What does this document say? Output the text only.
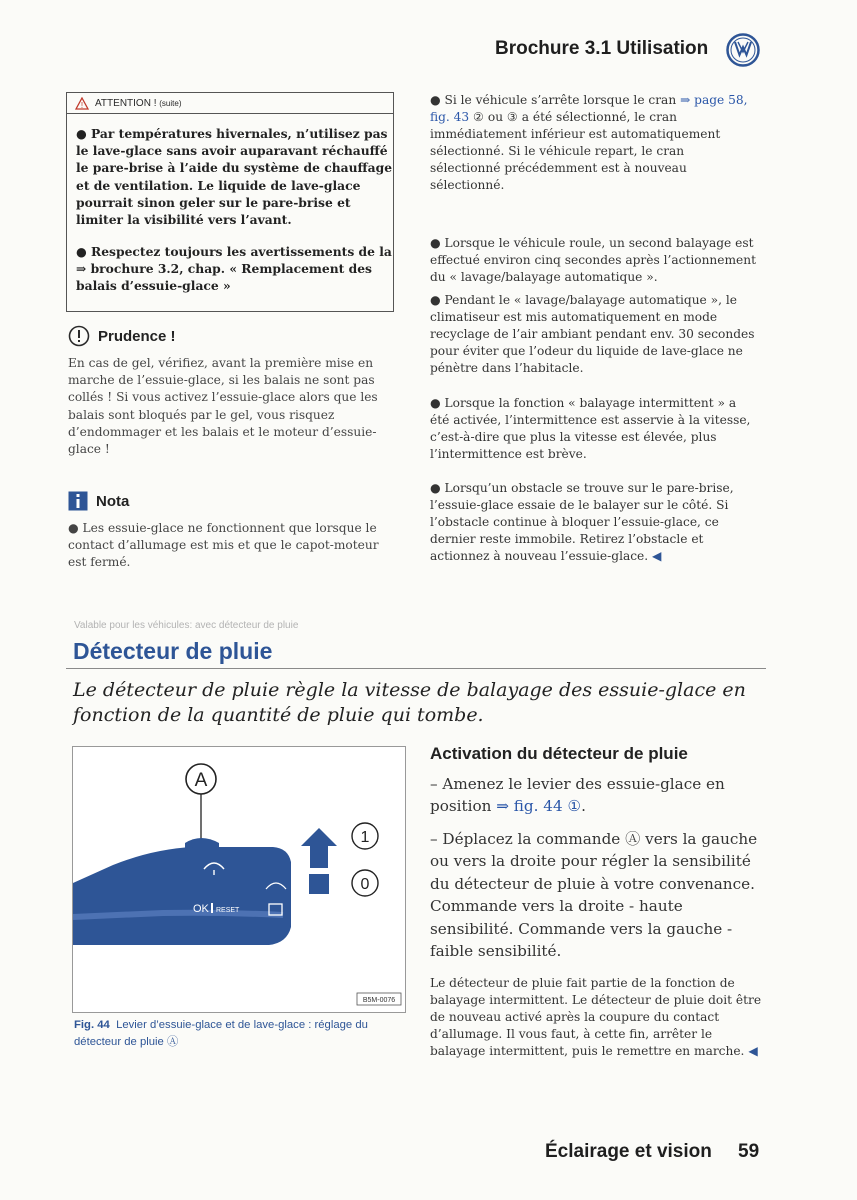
Brochure 3.1 Utilisation
! ATTENTION ! (suite)

● Par températures hivernales, n’utilisez pas le lave-glace sans avoir auparavant réchauffé le pare-brise à l’aide du système de chauffage et de ventilation. Le liquide de lave-glace pourrait sinon geler sur le pare-brise et limiter la visibilité vers l’avant.

● Respectez toujours les avertissements de la ⇒ brochure 3.2, chap. « Remplacement des balais d’essuie-glace »

Prudence !

En cas de gel, vérifiez, avant la première mise en marche de l’essuie-glace, si les balais ne sont pas collés ! Si vous activez l’essuie-glace alors que les balais sont bloqués par le gel, vous risquez d’endommager et les balais et le moteur d’essuie-glace !

Nota

● Les essuie-glace ne fonctionnent que lorsque le contact d’allumage est mis et que le capot-moteur est fermé.

● Si le véhicule s’arrête lorsque le cran ⇒ page 58, fig. 43 ② ou ③ a été sélectionné, le cran immédiatement inférieur est automatiquement sélectionné. Si le véhicule repart, le cran sélectionné précédemment est à nouveau sélectionné.

● Lorsque le véhicule roule, un second balayage est effectué environ cinq secondes après l’actionnement du « lavage/balayage automatique ».

● Pendant le « lavage/balayage automatique », le climatiseur est mis automatiquement en mode recyclage de l’air ambiant pendant env. 30 secondes pour éviter que l’odeur du liquide de lave-glace ne pénètre dans l’habitacle.

● Lorsque la fonction « balayage intermittent » a été activée, l’intermittence est asservie à la vitesse, c’est-à-dire que plus la vitesse est élevée, plus l’intermittence est brève.

● Lorsqu’un obstacle se trouve sur le pare-brise, l’essuie-glace essaie de le balayer sur le côté. Si l’obstacle continue à bloquer l’essuie-glace, ce dernier reste immobile. Retirez l’obstacle et actionnez à nouveau l’essuie-glace. ◀

Valable pour les véhicules: avec détecteur de pluie
Détecteur de pluie

Le détecteur de pluie règle la vitesse de balayage des essuie-glace en fonction de la quantité de pluie qui tombe.

A
OK RESET
1
0
B5M-0076

Fig. 44 Levier d’essuie-glace et de lave-glace : réglage du détecteur de pluie Ⓐ

Activation du détecteur de pluie

– Amenez le levier des essuie-glace en position ⇒ fig. 44 ①.

– Déplacez la commande Ⓐ vers la gauche ou vers la droite pour régler la sensibilité du détecteur de pluie à votre convenance. Commande vers la droite - haute sensibilité. Commande vers la gauche - faible sensibilité.

Le détecteur de pluie fait partie de la fonction de balayage intermittent. Le détecteur de pluie doit être de nouveau activé après la coupure du contact d’allumage. Il vous faut, à cette fin, arrêter le balayage intermittent, puis le remettre en marche. ◀

Éclairage et vision 59
